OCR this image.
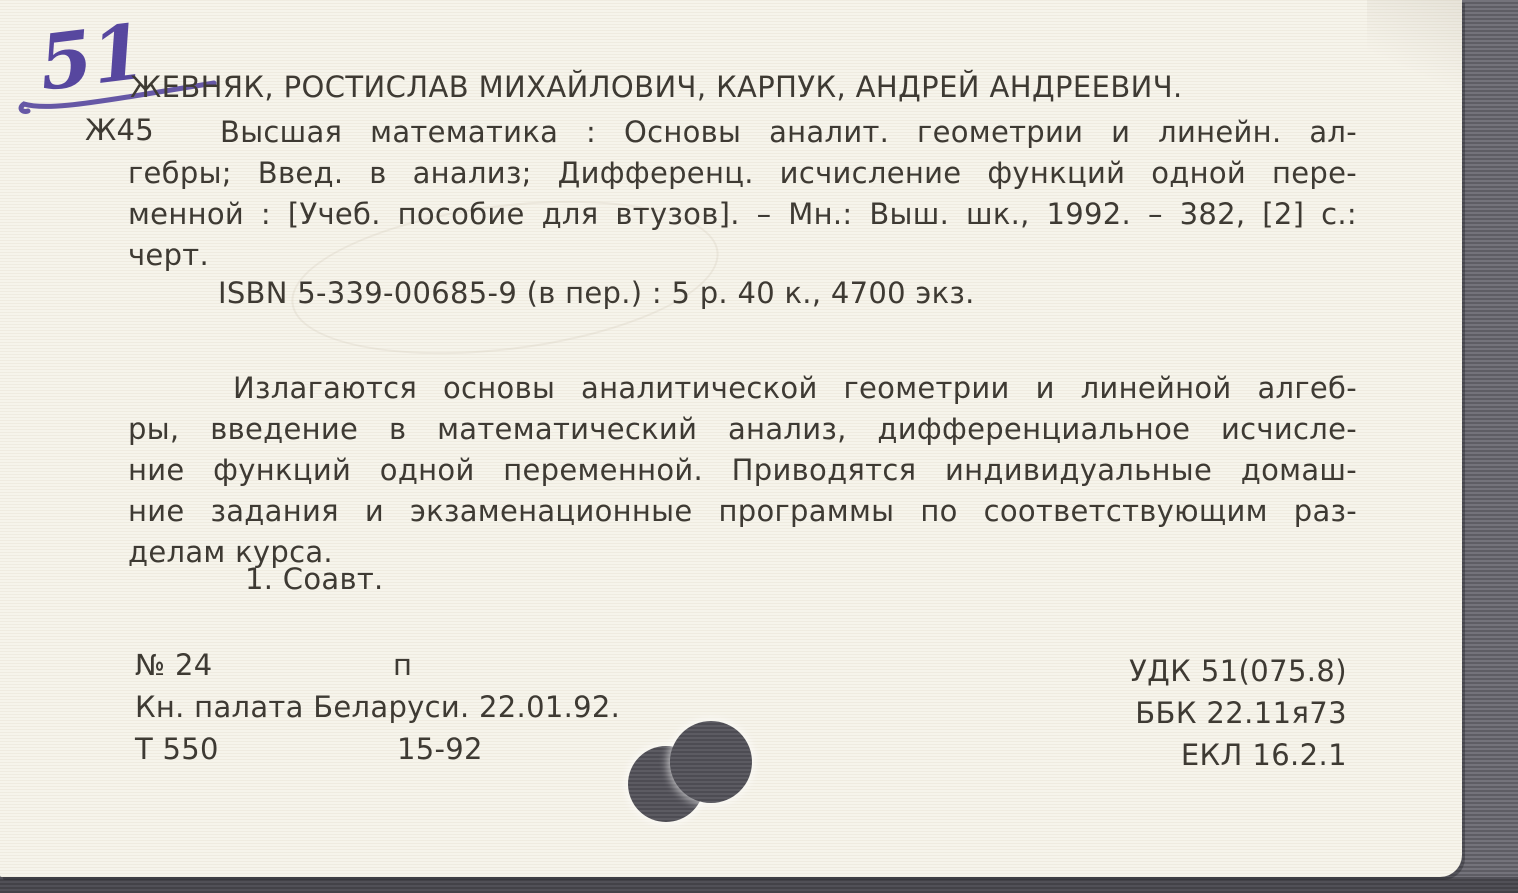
51
ЖЕВНЯК, РОСТИСЛАВ МИХАЙЛОВИЧ, КАРПУК, АНДРЕЙ АНДРЕЕВИЧ.
Ж45	Высшая математика : Основы аналит. геометрии и линейн. ал-
гебры; Введ. в анализ; Дифференц. исчисление функций одной пере-
менной : [Учеб. пособие для втузов]. – Мн.: Выш. шк., 1992. – 382, [2] с.:
черт.
ISBN 5-339-00685-9 (в пер.) : 5 р. 40 к., 4700 экз.
Излагаются основы аналитической геометрии и линейной алгеб-
ры, введение в математический анализ, дифференциальное исчисле-
ние функций одной переменной. Приводятся индивидуальные домаш-
ние задания и экзаменационные программы по соответствующим раз-
делам курса.
1. Соавт.
№ 24	п
Кн. палата Беларуси. 22.01.92.
Т 550	15-92
УДК 51(075.8)
ББК 22.11я73
ЕКЛ 16.2.1
